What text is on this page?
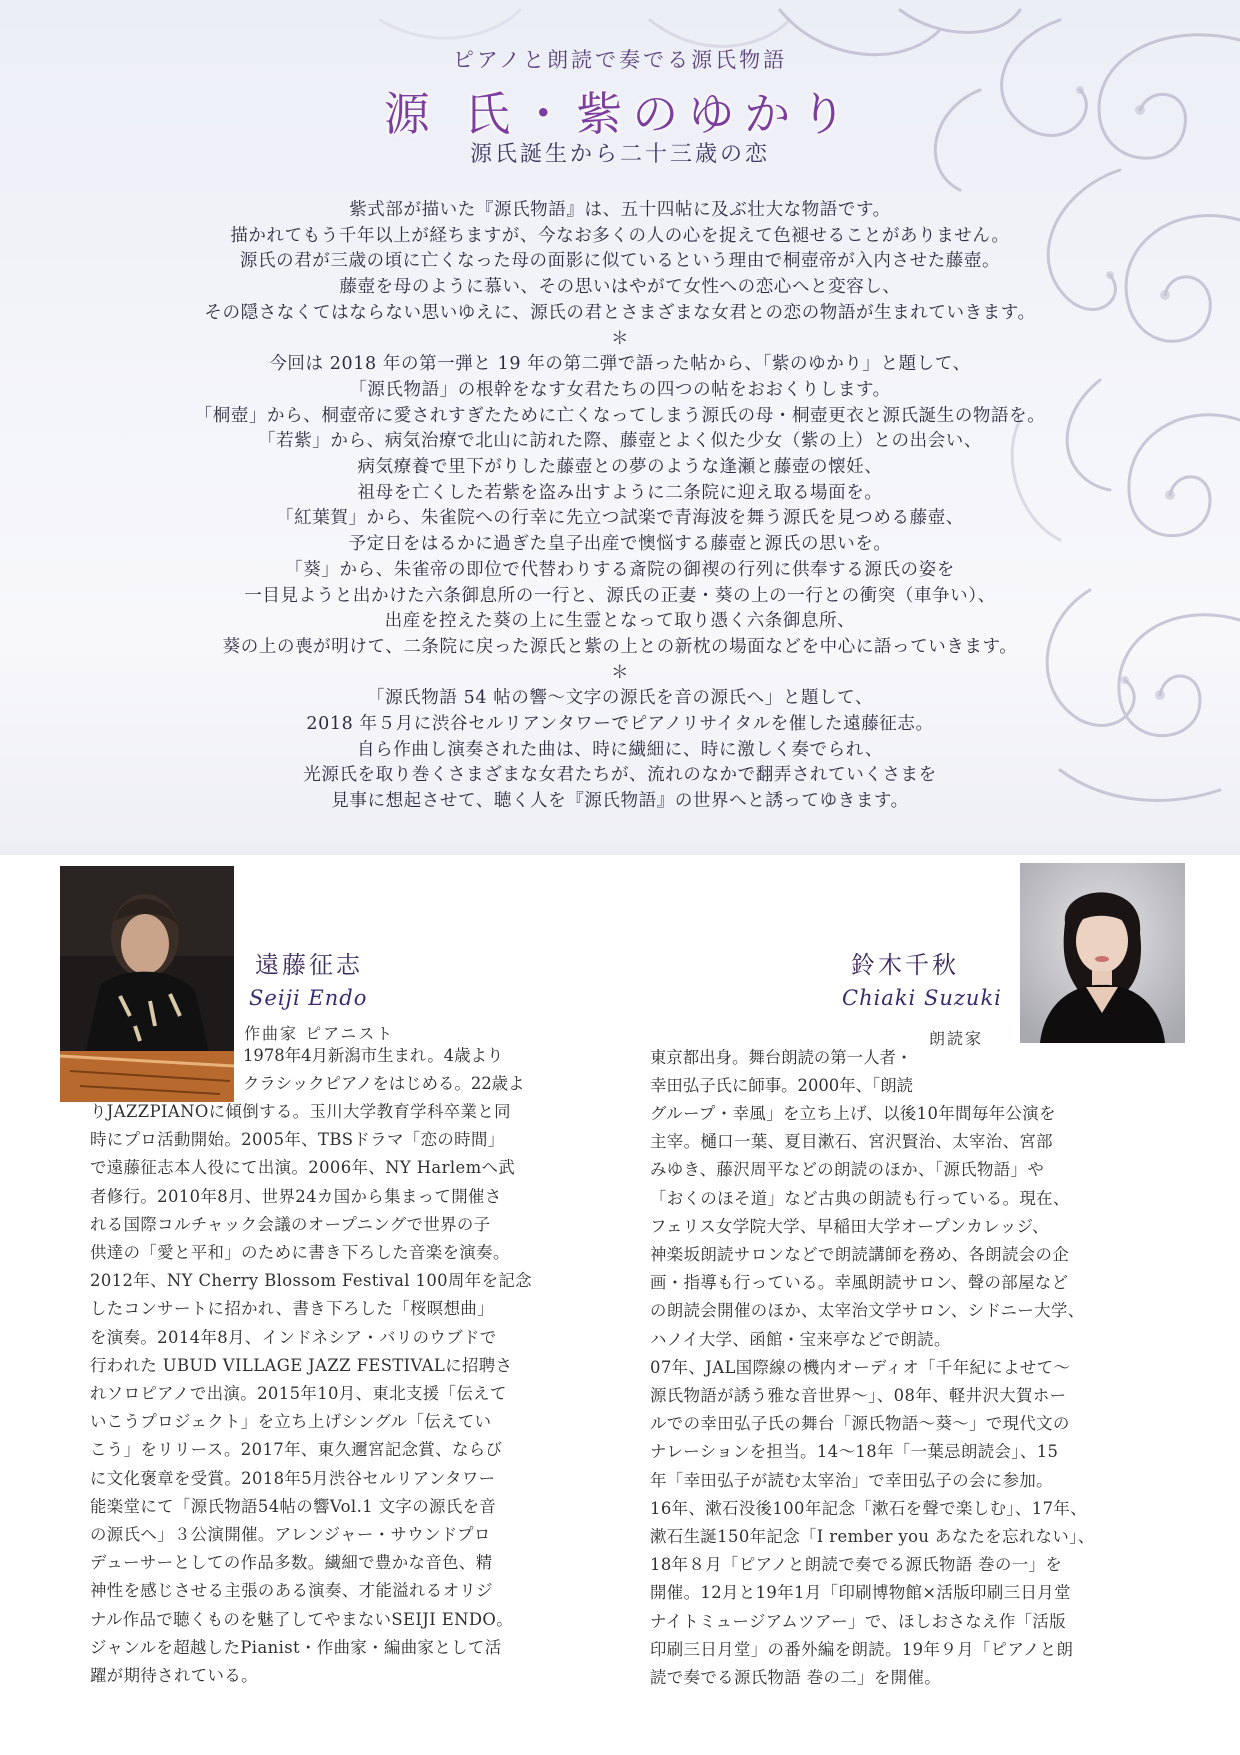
ピアノと朗読で奏でる源氏物語
源 氏・紫のゆかり
源氏誕生から二十三歳の恋
紫式部が描いた『源氏物語』は、五十四帖に及ぶ壮大な物語です。
描かれてもう千年以上が経ちますが、今なお多くの人の心を捉えて色褪せることがありません。
源氏の君が三歳の頃に亡くなった母の面影に似ているという理由で桐壺帝が入内させた藤壺。
藤壺を母のように慕い、その思いはやがて女性への恋心へと変容し、
その隠さなくてはならない思いゆえに、源氏の君とさまざまな女君との恋の物語が生まれていきます。
＊
今回は 2018 年の第一弾と 19 年の第二弾で語った帖から、「紫のゆかり」と題して、
「源氏物語」の根幹をなす女君たちの四つの帖をおおくりします。
「桐壺」から、桐壺帝に愛されすぎたために亡くなってしまう源氏の母・桐壺更衣と源氏誕生の物語を。
「若紫」から、病気治療で北山に訪れた際、藤壺とよく似た少女（紫の上）との出会い、
病気療養で里下がりした藤壺との夢のような逢瀬と藤壺の懐妊、
祖母を亡くした若紫を盗み出すように二条院に迎え取る場面を。
「紅葉賀」から、朱雀院への行幸に先立つ試楽で青海波を舞う源氏を見つめる藤壺、
予定日をはるかに過ぎた皇子出産で懊悩する藤壺と源氏の思いを。
「葵」から、朱雀帝の即位で代替わりする斎院の御禊の行列に供奉する源氏の姿を
一目見ようと出かけた六条御息所の一行と、源氏の正妻・葵の上の一行との衝突（車争い）、
出産を控えた葵の上に生霊となって取り憑く六条御息所、
葵の上の喪が明けて、二条院に戻った源氏と紫の上との新枕の場面などを中心に語っていきます。
＊
「源氏物語 54 帖の響～文字の源氏を音の源氏へ」と題して、
2018 年５月に渋谷セルリアンタワーでピアノリサイタルを催した遠藤征志。
自ら作曲し演奏された曲は、時に繊細に、時に激しく奏でられ、
光源氏を取り巻くさまざまな女君たちが、流れのなかで翻弄されていくさまを
見事に想起させて、聴く人を『源氏物語』の世界へと誘ってゆきます。
遠藤征志
Seiji Endo
作曲家 ピアニスト
1978年4月新潟市生まれ。4歳より
クラシックピアノをはじめる。22歳よ
りJAZZPIANOに傾倒する。玉川大学教育学科卒業と同
時にプロ活動開始。2005年、TBSドラマ「恋の時間」
で遠藤征志本人役にて出演。2006年、NY Harlemへ武
者修行。2010年8月、世界24カ国から集まって開催さ
れる国際コルチャック会議のオープニングで世界の子
供達の「愛と平和」のために書き下ろした音楽を演奏。
2012年、NY Cherry Blossom Festival 100周年を記念
したコンサートに招かれ、書き下ろした「桜暝想曲」
を演奏。2014年8月、インドネシア・バリのウブドで
行われた UBUD VILLAGE JAZZ FESTIVALに招聘さ
れソロピアノで出演。2015年10月、東北支援「伝えて
いこうプロジェクト」を立ち上げシングル「伝えてい
こう」をリリース。2017年、東久邇宮記念賞、ならび
に文化褒章を受賞。2018年5月渋谷セルリアンタワー
能楽堂にて「源氏物語54帖の響Vol.1 文字の源氏を音
の源氏へ」３公演開催。アレンジャー・サウンドプロ
デューサーとしての作品多数。繊細で豊かな音色、精
神性を感じさせる主張のある演奏、才能溢れるオリジ
ナル作品で聴くものを魅了してやまないSEIJI ENDO。
ジャンルを超越したPianist・作曲家・編曲家として活
躍が期待されている。
鈴木千秋
Chiaki Suzuki
朗読家
東京都出身。舞台朗読の第一人者・
幸田弘子氏に師事。2000年、「朗読
グループ・幸風」を立ち上げ、以後10年間毎年公演を
主宰。樋口一葉、夏目漱石、宮沢賢治、太宰治、宮部
みゆき、藤沢周平などの朗読のほか、「源氏物語」や
「おくのほそ道」など古典の朗読も行っている。現在、
フェリス女学院大学、早稲田大学オープンカレッジ、
神楽坂朗読サロンなどで朗読講師を務め、各朗読会の企
画・指導も行っている。幸風朗読サロン、聲の部屋など
の朗読会開催のほか、太宰治文学サロン、シドニー大学、
ハノイ大学、函館・宝来亭などで朗読。
07年、JAL国際線の機内オーディオ「千年紀によせて～
源氏物語が誘う雅な音世界～」、08年、軽井沢大賀ホー
ルでの幸田弘子氏の舞台「源氏物語～葵～」で現代文の
ナレーションを担当。14～18年「一葉忌朗読会」、15
年「幸田弘子が読む太宰治」で幸田弘子の会に参加。
16年、漱石没後100年記念「漱石を聲で楽しむ」、17年、
漱石生誕150年記念「I rember you あなたを忘れない」、
18年８月「ピアノと朗読で奏でる源氏物語 巻の一」を
開催。12月と19年1月「印刷博物館×活版印刷三日月堂
ナイトミュージアムツアー」で、ほしおさなえ作「活版
印刷三日月堂」の番外編を朗読。19年９月「ピアノと朗
読で奏でる源氏物語 巻の二」を開催。
